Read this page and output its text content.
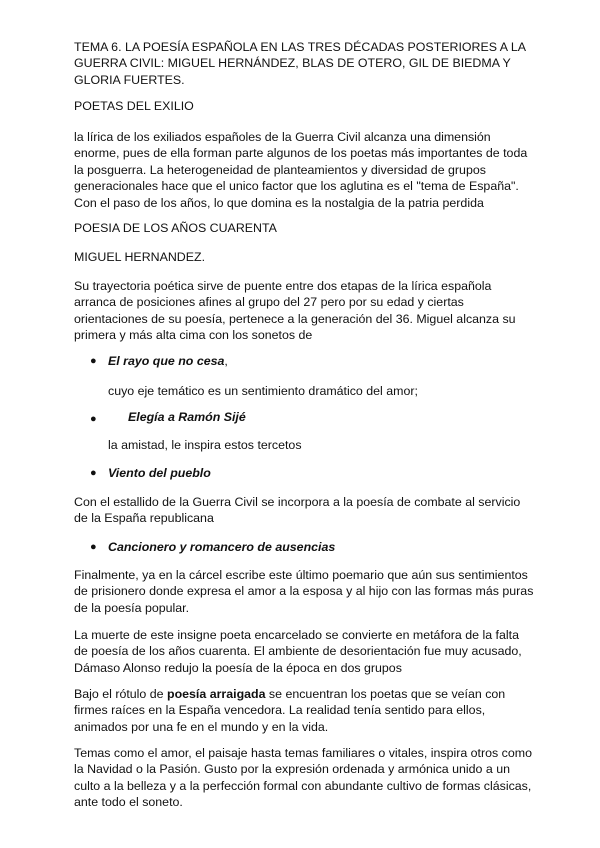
TEMA 6. LA POESÍA ESPAÑOLA EN LAS TRES DÉCADAS POSTERIORES A LA GUERRA CIVIL: MIGUEL HERNÁNDEZ, BLAS DE OTERO, GIL DE BIEDMA Y GLORIA FUERTES.

POETAS DEL EXILIO

la lírica de los exiliados españoles de la Guerra Civil alcanza una dimensión enorme, pues de ella forman parte algunos de los poetas más importantes de toda la posguerra. La heterogeneidad de planteamientos y diversidad de grupos generacionales hace que el unico factor que los aglutina es el "tema de España". Con el paso de los años, lo que domina es la nostalgia de la patria perdida

POESIA DE LOS AÑOS CUARENTA

MIGUEL HERNANDEZ.

Su trayectoria poética sirve de puente entre dos etapas de la lírica española arranca de posiciones afines al grupo del 27 pero por su edad y ciertas orientaciones de su poesía, pertenece a la generación del 36. Miguel alcanza su primera y más alta cima con los sonetos de

● El rayo que no cesa,
cuyo eje temático es un sentimiento dramático del amor;
●	Elegía a Ramón Sijé
la amistad, le inspira estos tercetos
● Viento del pueblo

Con el estallido de la Guerra Civil se incorpora a la poesía de combate al servicio de la España republicana

● Cancionero y romancero de ausencias

Finalmente, ya en la cárcel escribe este último poemario que aún sus sentimientos de prisionero donde expresa el amor a la esposa y al hijo con las formas más puras de la poesía popular.

La muerte de este insigne poeta encarcelado se convierte en metáfora de la falta de poesía de los años cuarenta. El ambiente de desorientación fue muy acusado, Dámaso Alonso redujo la poesía de la época en dos grupos

Bajo el rótulo de poesía arraigada se encuentran los poetas que se veían con firmes raíces en la España vencedora. La realidad tenía sentido para ellos, animados por una fe en el mundo y en la vida.

Temas como el amor, el paisaje hasta temas familiares o vitales, inspira otros como la Navidad o la Pasión. Gusto por la expresión ordenada y armónica unido a un culto a la belleza y a la perfección formal con abundante cultivo de formas clásicas, ante todo el soneto.
